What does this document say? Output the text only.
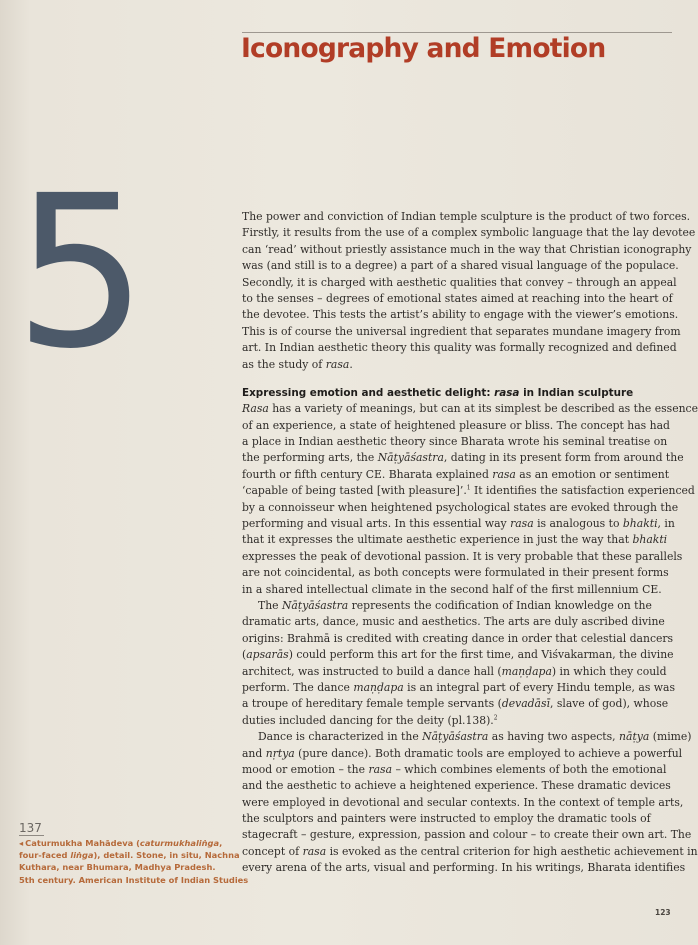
Iconography and Emotion
5	The power and conviction of Indian temple sculpture is the product of two forces.
Firstly, it results from the use of a complex symbolic language that the lay devotee
can ‘read’ without priestly assistance much in the way that Christian iconography
was (and still is to a degree) a part of a shared visual language of the populace.
Secondly, it is charged with aesthetic qualities that convey – through an appeal
to the senses – degrees of emotional states aimed at reaching into the heart of
the devotee. This tests the artist’s ability to engage with the viewer’s emotions.
This is of course the universal ingredient that separates mundane imagery from
art. In Indian aesthetic theory this quality was formally recognized and defined
as the study of rasa.
Expressing emotion and aesthetic delight: rasa in Indian sculpture
Rasa has a variety of meanings, but can at its simplest be described as the essence
of an experience, a state of heightened pleasure or bliss. The concept has had
a place in Indian aesthetic theory since Bharata wrote his seminal treatise on
the performing arts, the Nāṭyāśastra, dating in its present form from around the
fourth or fifth century CE. Bharata explained rasa as an emotion or sentiment
‘capable of being tasted [with pleasure]’.$^1$ It identifies the satisfaction experienced
by a connoisseur when heightened psychological states are evoked through the
performing and visual arts. In this essential way rasa is analogous to bhakti, in
that it expresses the ultimate aesthetic experience in just the way that bhakti
expresses the peak of devotional passion. It is very probable that these parallels
are not coincidental, as both concepts were formulated in their present forms
in a shared intellectual climate in the second half of the first millennium CE.
The Nāṭyāśastra represents the codification of Indian knowledge on the
dramatic arts, dance, music and aesthetics. The arts are duly ascribed divine
origins: Brahmā is credited with creating dance in order that celestial dancers
(apsarās) could perform this art for the first time, and Viśvakarman, the divine
architect, was instructed to build a dance hall (maṇḍapa) in which they could
perform. The dance maṇḍapa is an integral part of every Hindu temple, as was
a troupe of hereditary female temple servants (devadāsī, slave of god), whose
duties included dancing for the deity (pl.138).$^2$
Dance is characterized in the Nāṭyāśastra as having two aspects, nāṭya (mime)
and nṛtya (pure dance). Both dramatic tools are employed to achieve a powerful
mood or emotion – the rasa – which combines elements of both the emotional
and the aesthetic to achieve a heightened experience. These dramatic devices
were employed in devotional and secular contexts. In the context of temple arts,
the sculptors and painters were instructed to employ the dramatic tools of
stagecraft – gesture, expression, passion and colour – to create their own art. The
concept of rasa is evoked as the central criterion for high aesthetic achievement in
every arena of the arts, visual and performing. In his writings, Bharata identifies
137
◂ Caturmukha Mahādeva (caturmukhaliṅga,
four-faced liṅga), detail. Stone, in situ, Nachna
Kuthara, near Bhumara, Madhya Pradesh.
5th century. American Institute of Indian Studies
123
